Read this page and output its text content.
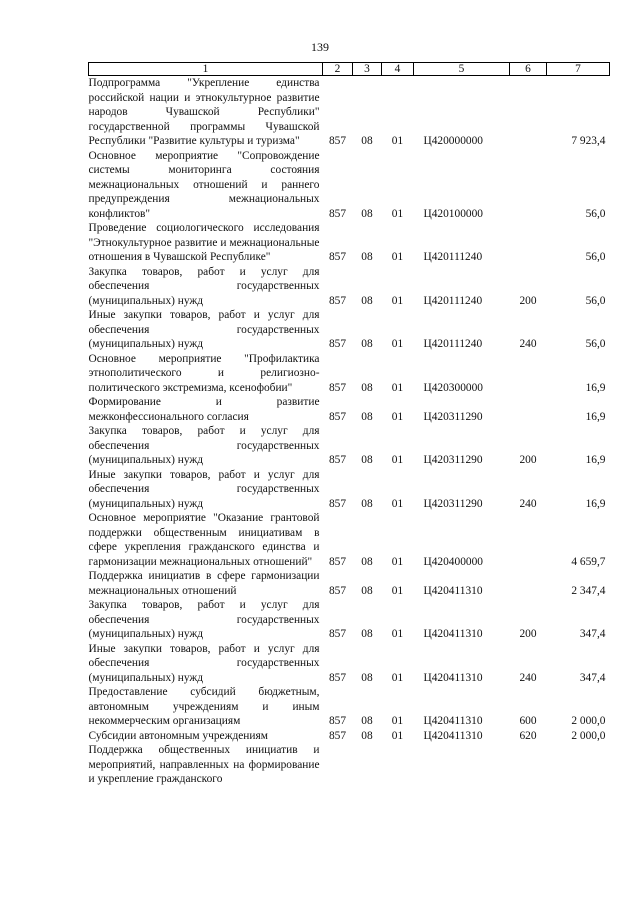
139
1	2	3	4	5	6	7
Подпрограмма "Укрепление единства российской нации и этнокультурное развитие народов Чувашской Республики" государственной программы Чувашской Республики "Развитие культуры и туризма"	857	08	01	Ц420000000		7 923,4
Основное мероприятие "Сопровождение системы мониторинга состояния межнациональных отношений и раннего предупреждения межнациональных конфликтов"	857	08	01	Ц420100000		56,0
Проведение социологического исследования "Этнокультурное развитие и межнациональные отношения в Чувашской Республике"	857	08	01	Ц420111240		56,0
Закупка товаров, работ и услуг для обеспечения государственных (муниципальных) нужд	857	08	01	Ц420111240	200	56,0
Иные закупки товаров, работ и услуг для обеспечения государственных (муниципальных) нужд	857	08	01	Ц420111240	240	56,0
Основное мероприятие "Профилактика этнополитического и религиозно-политического экстремизма, ксенофобии"	857	08	01	Ц420300000		16,9
Формирование и развитие межконфессионального согласия	857	08	01	Ц420311290		16,9
Закупка товаров, работ и услуг для обеспечения государственных (муниципальных) нужд	857	08	01	Ц420311290	200	16,9
Иные закупки товаров, работ и услуг для обеспечения государственных (муниципальных) нужд	857	08	01	Ц420311290	240	16,9
Основное мероприятие "Оказание грантовой поддержки общественным инициативам в сфере укрепления гражданского единства и гармонизации межнациональных отношений"	857	08	01	Ц420400000		4 659,7
Поддержка инициатив в сфере гармонизации межнациональных отношений	857	08	01	Ц420411310		2 347,4
Закупка товаров, работ и услуг для обеспечения государственных (муниципальных) нужд	857	08	01	Ц420411310	200	347,4
Иные закупки товаров, работ и услуг для обеспечения государственных (муниципальных) нужд	857	08	01	Ц420411310	240	347,4
Предоставление субсидий бюджетным, автономным учреждениям и иным некоммерческим организациям	857	08	01	Ц420411310	600	2 000,0
Субсидии автономным учреждениям	857	08	01	Ц420411310	620	2 000,0
Поддержка общественных инициатив и мероприятий, направленных на формирование и укрепление гражданского						
